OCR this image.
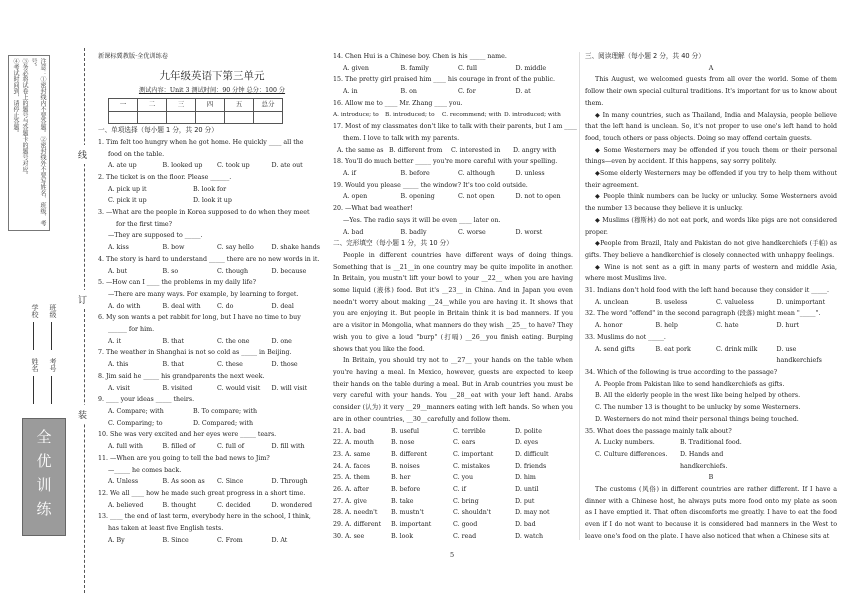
注意：①密封线内不要答题。②密封线外不要写姓名、班级、考号。
③务必将试卷上的题号与答题卡的题号对应。
④考试时间到，请停止答题。
班级
考号
学校
姓名
线
订
装
全
优
训
练

新课标冀教版·全优训练卷

九年级英语下第三单元

测试内容：Unit 3 测试时间：90 分钟 总分：100 分

一	二	三	四	五	总分

一、单项选择（每小题 1 分，共 20 分）

1. Tim felt too hungry when he got home. He quickly ____ all the

food on the table.

A. ate up	B. looked up	C. took up	D. ate out

2. The ticket is on the floor. Please ______.

A. pick up it	B. look for
C. pick it up	D. look it up

3. —What are the people in Korea supposed to do when they meet

for the first time?

—They are supposed to _____.

A. kiss	B. bow	C. say hello	D. shake hands

4. The story is hard to understand _____ there are no new words in it.

A. but	B. so	C. though	D. because

5. —How can I ____ the problems in my daily life?

—There are many ways. For example, by learning to forget.

A. do with	B. deal with	C. do	D. deal

6. My son wants a pet rabbit for long, but I have no time to buy

______ for him.

A. it	B. that	C. the one	D. one

7. The weather in Shanghai is not so cold as _____ in Beijing.

A. this	B. that	C. these	D. those

8. Jim said he _____ his grandparents the next week.

A. visit	B. visited	C. would visit	D. will visit

9. ____ your ideas _____ theirs.

A. Compare; with	B. To compare; with
C. Comparing; to	D. Compared; with

10. She was very excited and her eyes were _____ tears.

A. full with	B. filled of	C. full of	D. fill with

11. —When are you going to tell the bad news to Jim?

—_____ he comes back.

A. Unless	B. As soon as	C. Since	D. Through

12. We all ____ how he made such great progress in a short time.

A. believed	B. thought	C. decided	D. wondered

13. ____ the end of last term, everybody here in the school, I think,

has taken at least five English tests.

A. By	B. Since	C. From	D. At

14. Chen Hui is a Chinese boy. Chen is his _____ name.

A. given	B. family	C. full	D. middle

15. The pretty girl praised him ____ his courage in front of the public.

A. in	B. on	C. for	D. at

16. Allow me to ____ Mr. Zhang ____ you.

A. introduce; to	B. introduced; to	C. recommend; with D. introduced; with

17. Most of my classmates don't like to talk with their parents, but I am ____

them. I love to talk with my parents.

A. the same as B. different from	C. interested in	D. angry with

18. You'll do much better _____ you're more careful with your spelling.

A. if	B. before	C. although	D. unless

19. Would you please _____ the window? It's too cold outside.

A. open	B. opening	C. not open	D. not to open

20. —What bad weather!

—Yes. The radio says it will be even ____ later on.

A. bad	B. badly	C. worse	D. worst

二、完形填空（每小题 1 分，共 10 分）

People in different countries have different ways of doing things. Something that is __21__in one country may be quite impolite in another. In Britain, you mustn't lift your bowl to your __22__ when you are having some liquid (液体) food. But it's __23__ in China. And in Japan you even needn't worry about making __24__while you are having it. It shows that you are enjoying it. But people in Britain think it is bad manners. If you are a visitor in Mongolia, what manners do they wish __25__ to have? They wish you to give a loud "burp" (打嗝) __26__you finish eating. Burping shows that you like the food.

In Britain, you should try not to __27__ your hands on the table when you're having a meal. In Mexico, however, guests are expected to keep their hands on the table during a meal. But in Arab countries you must be very careful with your hands. You __28__eat with your left hand. Arabs consider (认为) it very __29__manners eating with left hands. So when you are in other countries, __30__carefully and follow them.

21. A. bad	B. useful	C. terrible	D. polite

22. A. mouth	B. nose	C. ears	D. eyes

23. A. same	B. different	C. important	D. difficult

24. A. faces	B. noises	C. mistakes	D. friends

25. A. them	B. her	C. you	D. him

26. A. after	B. before	C. if	D. until

27. A. give	B. take	C. bring	D. put

28. A. needn't B. mustn't	C. shouldn't	D. may not

29. A. different B. important	C. good	D. bad

30. A. see	B. look	C. read	D. watch

三、阅读理解（每小题 2 分，共 40 分）

A

This August, we welcomed guests from all over the world. Some of them follow their own special cultural traditions. It's important for us to know about them.

◆ In many countries, such as Thailand, India and Malaysia, people believe that the left hand is unclean. So, it's not proper to use one's left hand to hold food, touch others or pass objects. Doing so may offend certain guests.

◆ Some Westerners may be offended if you touch them or their personal things—even by accident. If this happens, say sorry politely.

◆Some elderly Westerners may be offended if you try to help them without their agreement.

◆ People think numbers can be lucky or unlucky. Some Westerners avoid the number 13 because they believe it is unlucky.

◆ Muslims (穆斯林) do not eat pork, and words like pigs are not considered proper.

◆People from Brazil, Italy and Pakistan do not give handkerchiefs (手帕) as gifts. They believe a handkerchief is closely connected with unhappy feelings.

◆ Wine is not sent as a gift in many parts of western and middle Asia, where most Muslims live.

31. Indians don't hold food with the left hand because they consider it _____.

A. unclean	B. useless	C. valueless	D. unimportant

32. The word "offend" in the second paragraph (段落) might mean "_____".

A. honor	B. help	C. hate	D. hurt

33. Muslims do not _____.

A. send gifts	B. eat pork	C. drink milk	D. use handkerchiefs

34. Which of the following is true according to the passage?

A. People from Pakistan like to send handkerchiefs as gifts.

B. All the elderly people in the west like being helped by others.

C. The number 13 is thought to be unlucky by some Westerners.

D. Westerners do not mind their personal things being touched.

35. What does the passage mainly talk about?

A. Lucky numbers.	B. Traditional food.
C. Culture differences.	D. Hands and handkerchiefs.

B

The customs (风俗) in different countries are rather different. If I have a dinner with a Chinese host, he always puts more food onto my plate as soon as I have emptied it. That often discomforts me greatly. I have to eat the food even if I do not want to because it is considered bad manners in the West to leave one's food on the plate. I have also noticed that when a Chinese sits at

5
